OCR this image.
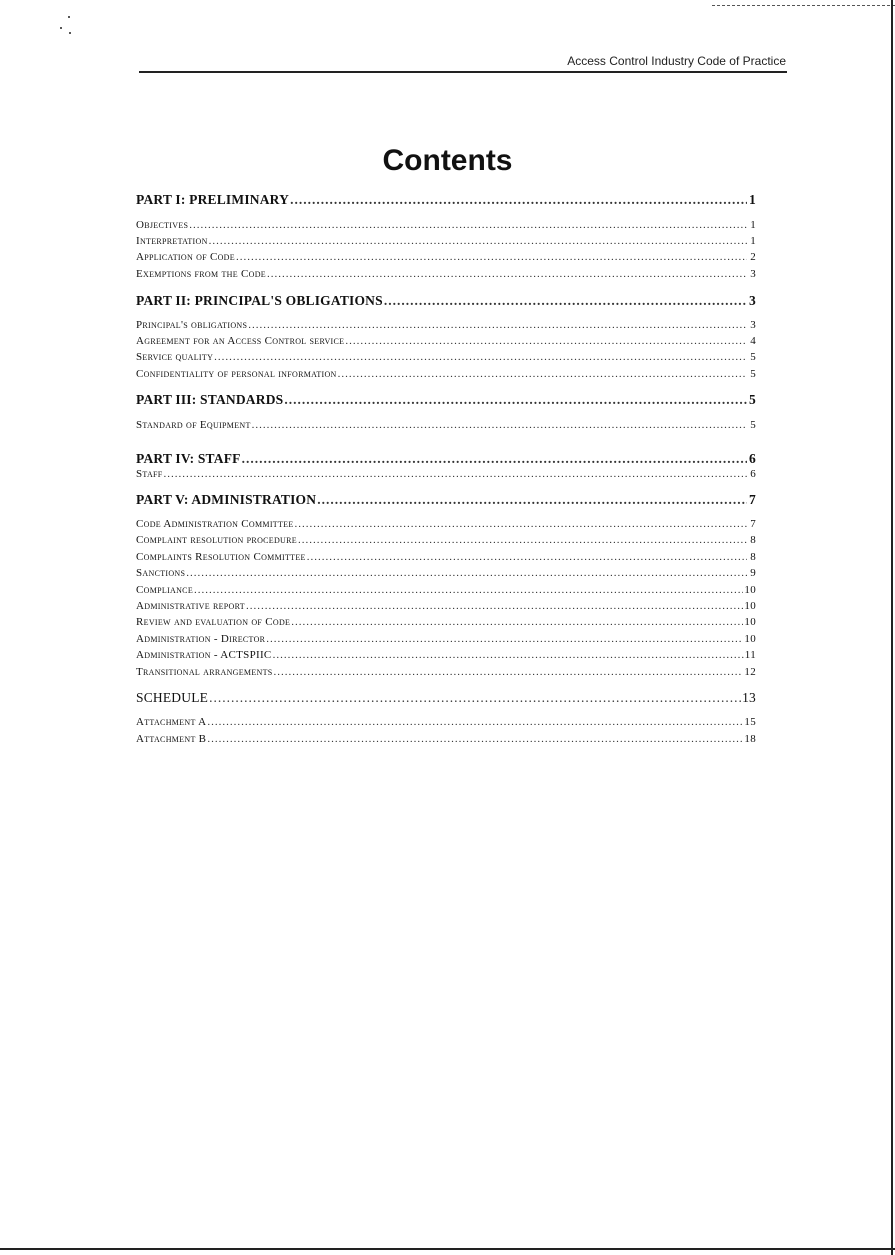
Access Control Industry Code of Practice
Contents
PART I: PRELIMINARY .....	1
Objectives .....	1
Interpretation .....	1
Application of Code .....	2
Exemptions from the Code .....	3
PART II: PRINCIPAL'S OBLIGATIONS .....	3
Principal's obligations .....	3
Agreement for an Access Control service .....	4
Service quality .....	5
Confidentiality of personal information .....	5
PART III: STANDARDS .....	5
Standard of Equipment .....	5
PART IV: STAFF .....	6
Staff .....	6
PART V: ADMINISTRATION .....	7
Code Administration Committee .....	7
Complaint resolution procedure .....	8
Complaints Resolution Committee .....	8
Sanctions .....	9
Compliance .....	10
Administrative report .....	10
Review and evaluation of Code .....	10
Administration - Director .....	10
Administration - ACTSPIIC .....	11
Transitional arrangements .....	12
SCHEDULE .....	13
Attachment A .....	15
Attachment B .....	18
